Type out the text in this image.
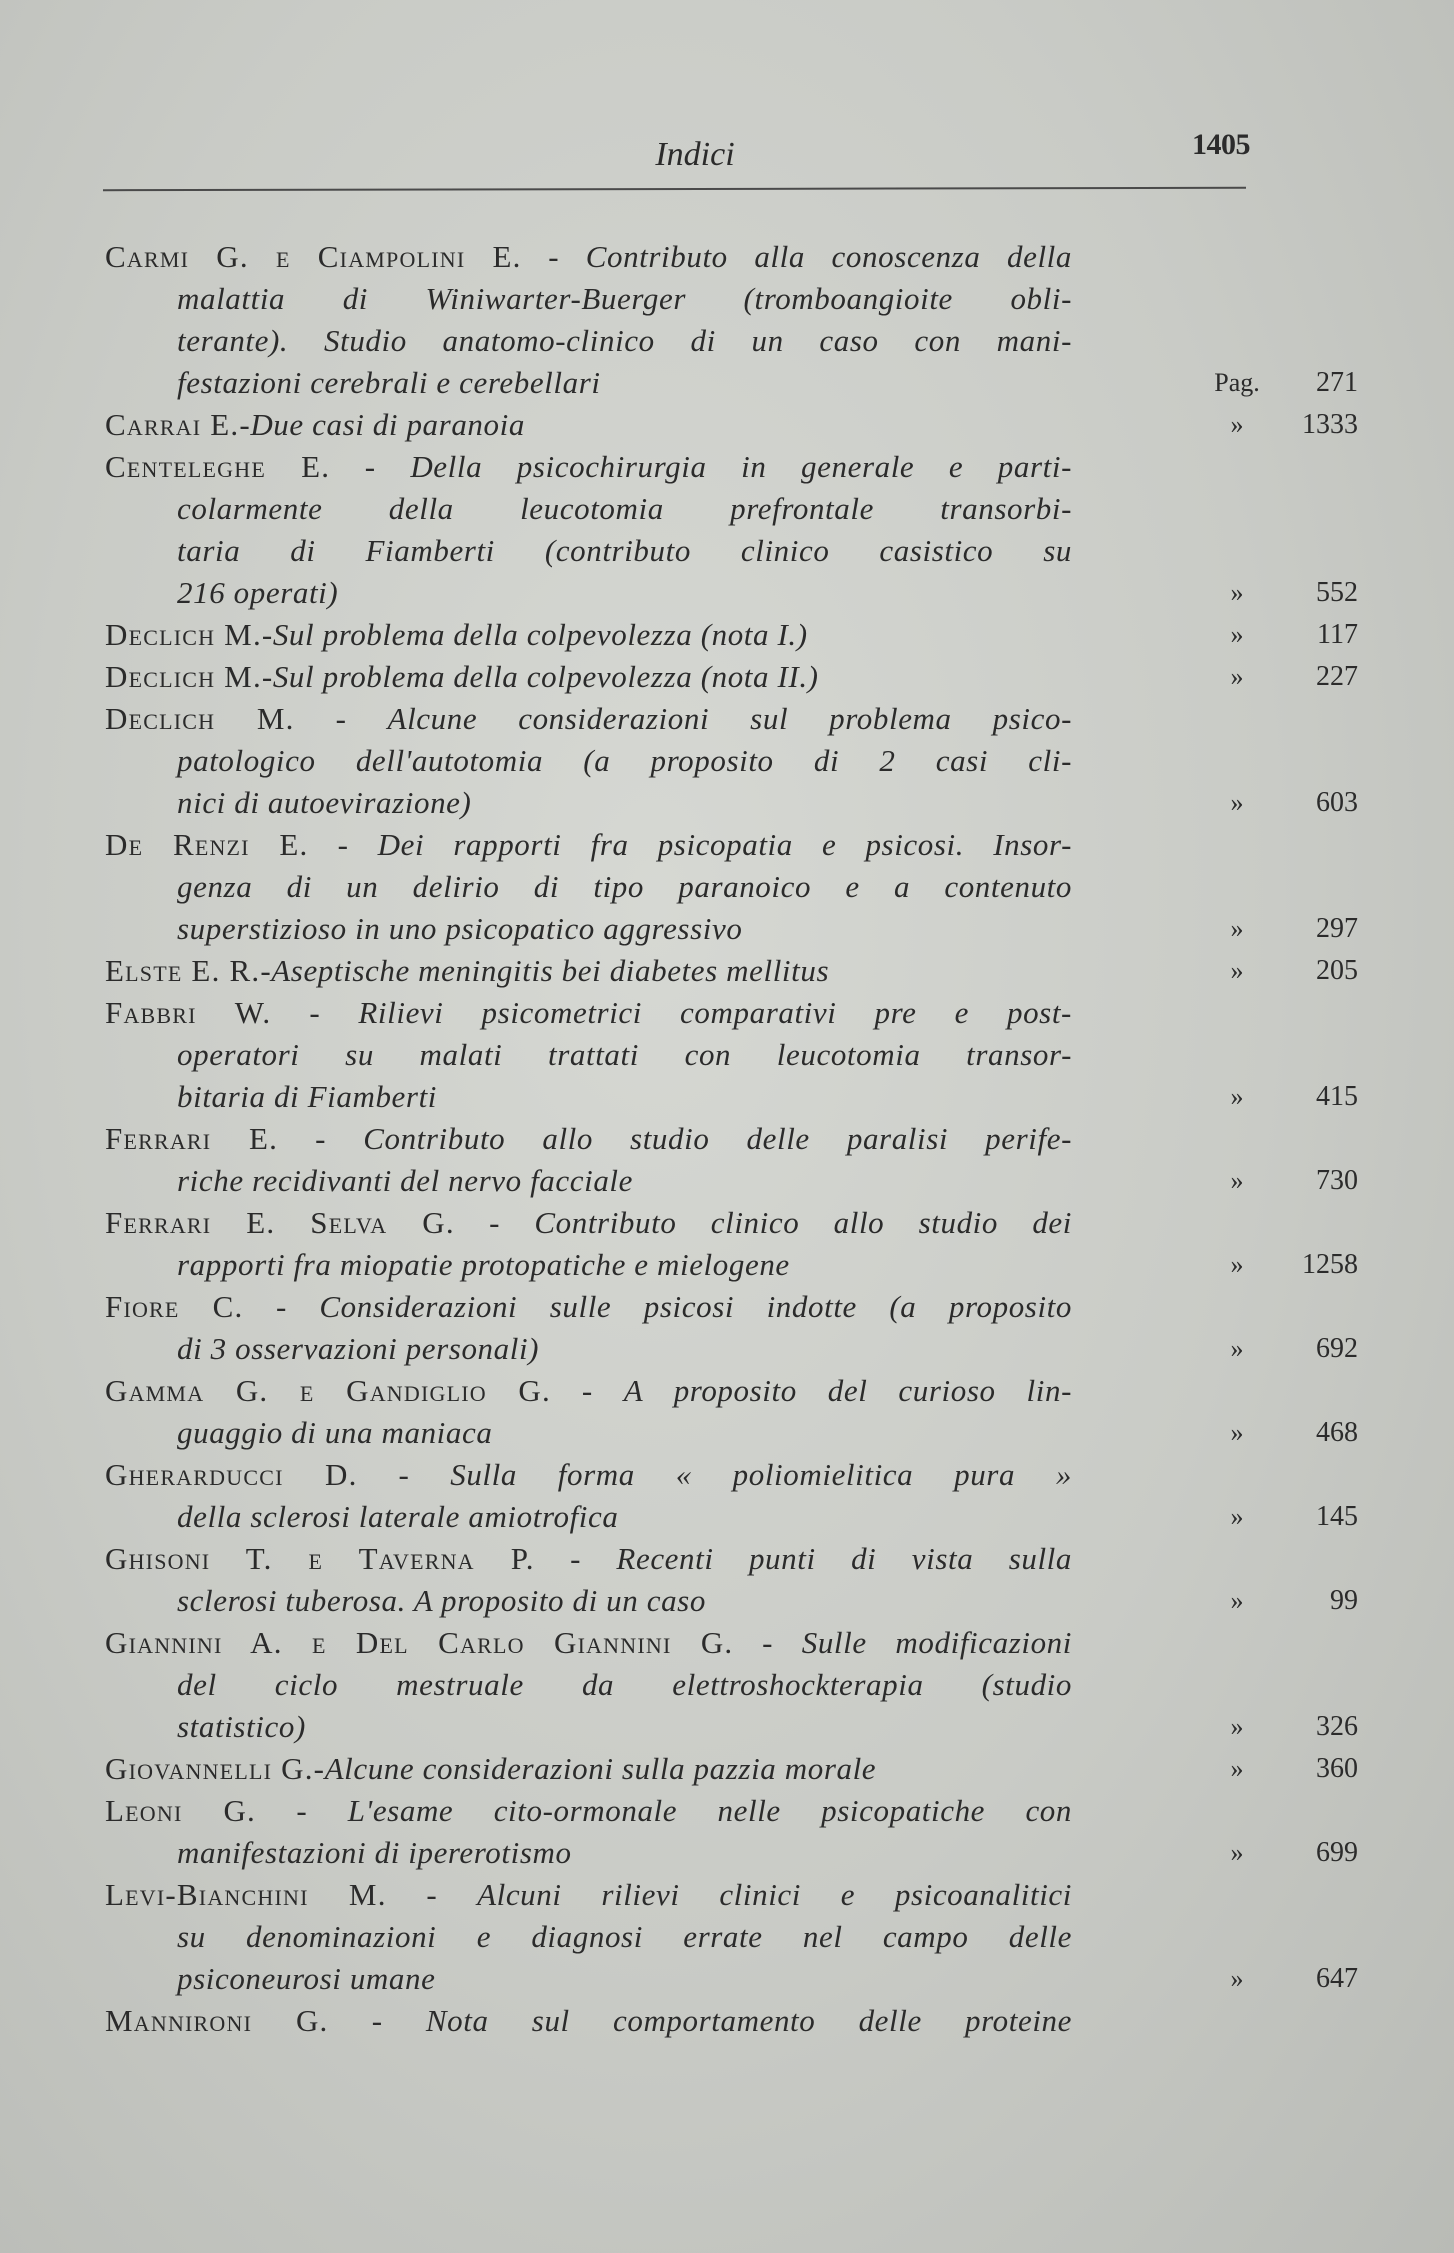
Indici	1405
Carmi G. e Ciampolini E. - Contributo alla conoscenza della
malattia di Winiwarter-Buerger (tromboangioite obli-
terante). Studio anatomo-clinico di un caso con mani-
festazioni cerebrali e cerebellari	Pag.	271
Carrai E. - Due casi di paranoia	»	1333
Centeleghe E. - Della psicochirurgia in generale e parti-
colarmente della leucotomia prefrontale transorbi-
taria di Fiamberti (contributo clinico casistico su
216 operati)	»	552
Declich M. - Sul problema della colpevolezza (nota I.)	»	117
Declich M. - Sul problema della colpevolezza (nota II.)	»	227
Declich M. - Alcune considerazioni sul problema psico-
patologico dell'autotomia (a proposito di 2 casi cli-
nici di autoevirazione)	»	603
De Renzi E. - Dei rapporti fra psicopatia e psicosi. Insor-
genza di un delirio di tipo paranoico e a contenuto
superstizioso in uno psicopatico aggressivo	»	297
Elste E. R. - Aseptische meningitis bei diabetes mellitus	»	205
Fabbri W. - Rilievi psicometrici comparativi pre e post-
operatori su malati trattati con leucotomia transor-
bitaria di Fiamberti	»	415
Ferrari E. - Contributo allo studio delle paralisi perife-
riche recidivanti del nervo facciale	»	730
Ferrari E. Selva G. - Contributo clinico allo studio dei
rapporti fra miopatie protopatiche e mielogene	»	1258
Fiore C. - Considerazioni sulle psicosi indotte (a proposito
di 3 osservazioni personali)	»	692
Gamma G. e Gandiglio G. - A proposito del curioso lin-
guaggio di una maniaca	»	468
Gherarducci D. - Sulla forma « poliomielitica pura »
della sclerosi laterale amiotrofica	»	145
Ghisoni T. e Taverna P. - Recenti punti di vista sulla
sclerosi tuberosa. A proposito di un caso	»	99
Giannini A. e Del Carlo Giannini G. - Sulle modificazioni
del ciclo mestruale da elettroshockterapia (studio
statistico)	»	326
Giovannelli G. - Alcune considerazioni sulla pazzia morale	»	360
Leoni G. - L'esame cito-ormonale nelle psicopatiche con
manifestazioni di ipererotismo	»	699
Levi-Bianchini M. - Alcuni rilievi clinici e psicoanalitici
su denominazioni e diagnosi errate nel campo delle
psiconeurosi umane	»	647
Mannironi G. - Nota sul comportamento delle proteine
